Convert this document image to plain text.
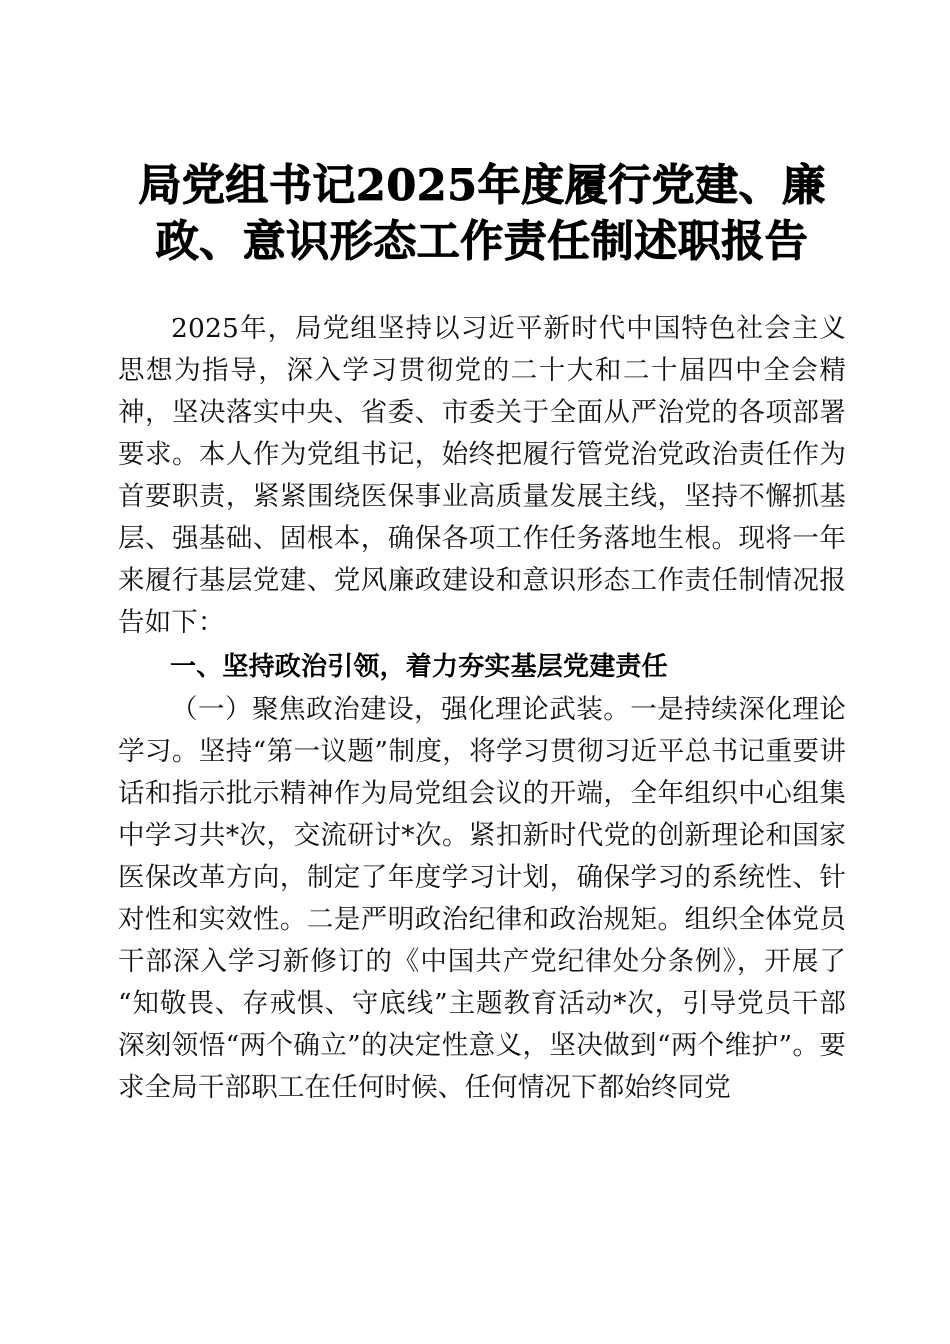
局党组书记2025年度履行党建、廉政、意识形态工作责任制述职报告

2025年，局党组坚持以习近平新时代中国特色社会主义思想为指导，深入学习贯彻党的二十大和二十届四中全会精神，坚决落实中央、省委、市委关于全面从严治党的各项部署要求。本人作为党组书记，始终把履行管党治党政治责任作为首要职责，紧紧围绕医保事业高质量发展主线，坚持不懈抓基层、强基础、固根本，确保各项工作任务落地生根。现将一年来履行基层党建、党风廉政建设和意识形态工作责任制情况报告如下：

一、坚持政治引领，着力夯实基层党建责任

（一）聚焦政治建设，强化理论武装。一是持续深化理论学习。坚持“第一议题”制度，将学习贯彻习近平总书记重要讲话和指示批示精神作为局党组会议的开端，全年组织中心组集中学习共*次，交流研讨*次。紧扣新时代党的创新理论和国家医保改革方向，制定了年度学习计划，确保学习的系统性、针对性和实效性。二是严明政治纪律和政治规矩。组织全体党员干部深入学习新修订的《中国共产党纪律处分条例》，开展了“知敬畏、存戒惧、守底线”主题教育活动*次，引导党员干部深刻领悟“两个确立”的决定性意义，坚决做到“两个维护”。要求全局干部职工在任何时候、任何情况下都始终同党
